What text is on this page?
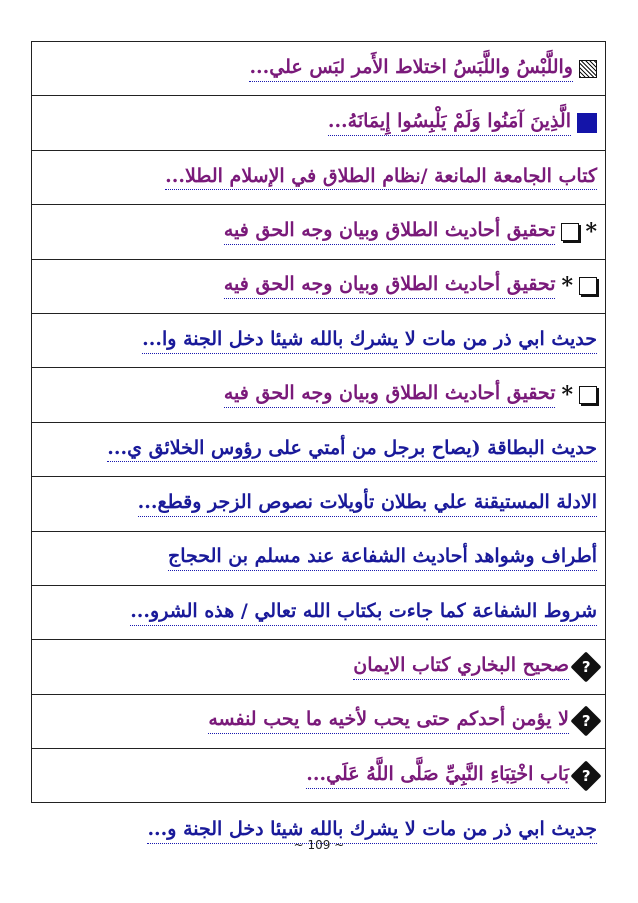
واللَّبْسُ واللَّبَسُ اختلاط الأَمر لبَس علي...
الَّذِينَ آمَنُوا وَلَمْ يَلْبِسُوا إِيمَانَهُ...
كتاب الجامعة المانعة /نظام الطلاق في الإسلام الطلا...
*
تحقيق أحاديث الطلاق وبيان وجه الحق فيه
*
تحقيق أحاديث الطلاق وبيان وجه الحق فيه
حديث ابي ذر من مات لا يشرك بالله شيئا دخل الجنة وا...
*
تحقيق أحاديث الطلاق وبيان وجه الحق فيه
حديث البطاقة (يصاح برجل من أمتي على رؤوس الخلائق ي...
الادلة المستيقنة علي بطلان تأويلات نصوص الزجر وقطع...
أطراف وشواهد أحاديث الشفاعة عند مسلم بن الحجاج
شروط الشفاعة كما جاءت بكتاب الله تعالي / هذه الشرو...
?
صحيح البخاري كتاب الايمان
?
لا يؤمن أحدكم حتى يحب لأخيه ما يحب لنفسه
?
بَاب اخْتِبَاءِ النَّبِيِّ صَلَّى اللَّهُ عَلَي...
جديث ابي ذر من مات لا يشرك بالله شيئا دخل الجنة و...
~ 109 ~
